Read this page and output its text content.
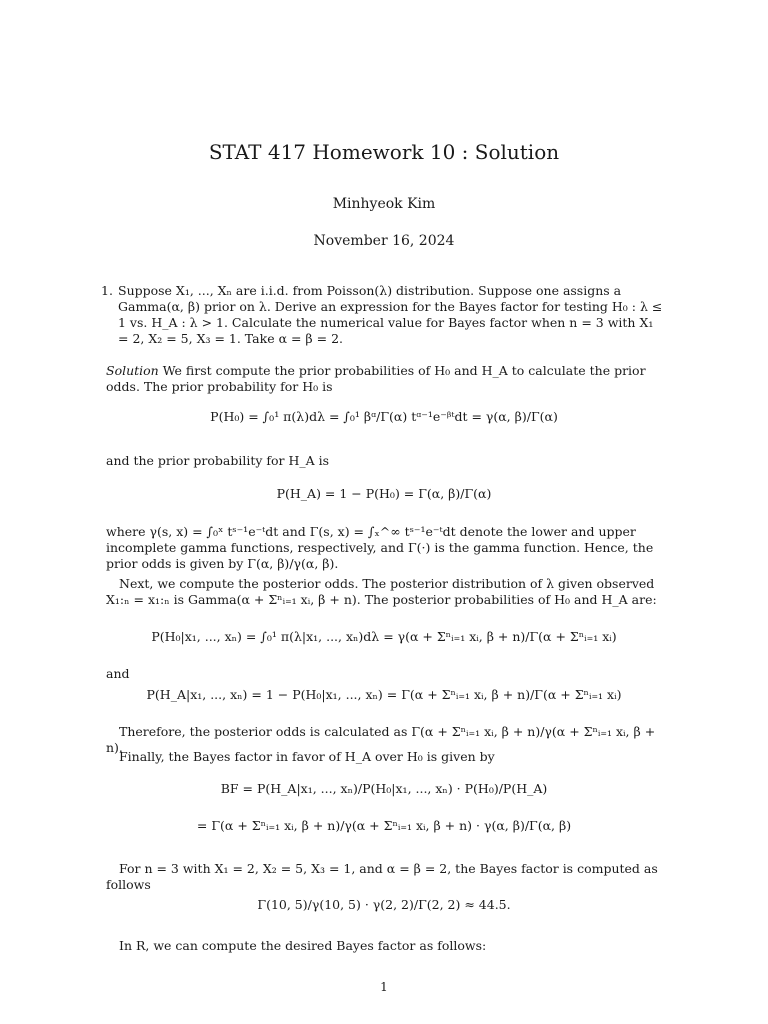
STAT 417 Homework 10 : Solution
Minhyeok Kim
November 16, 2024
1. Suppose X₁, ..., Xₙ are i.i.d. from Poisson(λ) distribution. Suppose one assigns a Gamma(α, β) prior on λ. Derive an expression for the Bayes factor for testing H₀ : λ ≤ 1 vs. H_A : λ > 1. Calculate the numerical value for Bayes factor when n = 3 with X₁ = 2, X₂ = 5, X₃ = 1. Take α = β = 2.
Solution We first compute the prior probabilities of H₀ and H_A to calculate the prior odds. The prior probability for H₀ is
P(H₀) = ∫₀¹ π(λ)dλ = ∫₀¹ βᵅ/Γ(α) tᵅ⁻¹e⁻ᵝᵗdt = γ(α, β)/Γ(α)
and the prior probability for H_A is
P(H_A) = 1 − P(H₀) = Γ(α, β)/Γ(α)
where γ(s, x) = ∫₀ˣ tˢ⁻¹e⁻ᵗdt and Γ(s, x) = ∫ₓ^∞ tˢ⁻¹e⁻ᵗdt denote the lower and upper incomplete gamma functions, respectively, and Γ(·) is the gamma function. Hence, the prior odds is given by Γ(α, β)/γ(α, β).
Next, we compute the posterior odds. The posterior distribution of λ given observed X₁:ₙ = x₁:ₙ is Gamma(α + Σⁿᵢ₌₁ xᵢ, β + n). The posterior probabilities of H₀ and H_A are:
P(H₀|x₁, ..., xₙ) = ∫₀¹ π(λ|x₁, ..., xₙ)dλ = γ(α + Σⁿᵢ₌₁ xᵢ, β + n)/Γ(α + Σⁿᵢ₌₁ xᵢ)
and
P(H_A|x₁, ..., xₙ) = 1 − P(H₀|x₁, ..., xₙ) = Γ(α + Σⁿᵢ₌₁ xᵢ, β + n)/Γ(α + Σⁿᵢ₌₁ xᵢ)
Therefore, the posterior odds is calculated as Γ(α + Σⁿᵢ₌₁ xᵢ, β + n)/γ(α + Σⁿᵢ₌₁ xᵢ, β + n).
Finally, the Bayes factor in favor of H_A over H₀ is given by
BF = P(H_A|x₁, ..., xₙ)/P(H₀|x₁, ..., xₙ) · P(H₀)/P(H_A)
= Γ(α + Σⁿᵢ₌₁ xᵢ, β + n)/γ(α + Σⁿᵢ₌₁ xᵢ, β + n) · γ(α, β)/Γ(α, β)
For n = 3 with X₁ = 2, X₂ = 5, X₃ = 1, and α = β = 2, the Bayes factor is computed as follows
Γ(10, 5)/γ(10, 5) · γ(2, 2)/Γ(2, 2) ≈ 44.5.
In R, we can compute the desired Bayes factor as follows:
1
